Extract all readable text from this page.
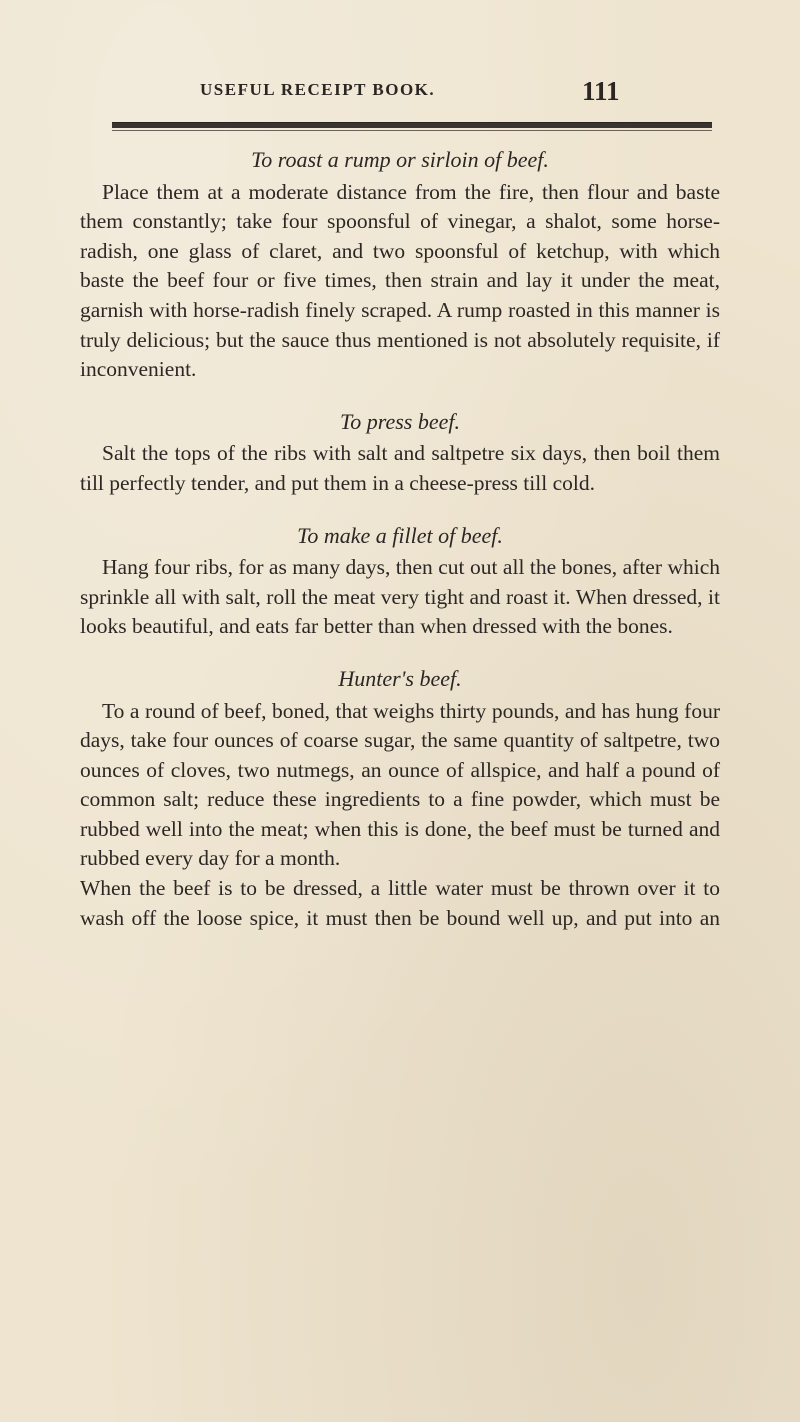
USEFUL RECEIPT BOOK.	111
To roast a rump or sirloin of beef.

Place them at a moderate distance from the fire, then flour and baste them constantly; take four spoonsful of vinegar, a shalot, some horse-radish, one glass of claret, and two spoonsful of ketchup, with which baste the beef four or five times, then strain and lay it under the meat, garnish with horse-radish finely scraped. A rump roasted in this manner is truly delicious; but the sauce thus mentioned is not absolutely requisite, if inconvenient.

To press beef.

Salt the tops of the ribs with salt and saltpetre six days, then boil them till perfectly tender, and put them in a cheese-press till cold.

To make a fillet of beef.

Hang four ribs, for as many days, then cut out all the bones, after which sprinkle all with salt, roll the meat very tight and roast it. When dressed, it looks beautiful, and eats far better than when dressed with the bones.

Hunter's beef.

To a round of beef, boned, that weighs thirty pounds, and has hung four days, take four ounces of coarse sugar, the same quantity of saltpetre, two ounces of cloves, two nutmegs, an ounce of allspice, and half a pound of common salt; reduce these ingredients to a fine powder, which must be rubbed well into the meat; when this is done, the beef must be turned and rubbed every day for a month.

When the beef is to be dressed, a little water must be thrown over it to wash off the loose spice, it must then be bound well up, and put into an
